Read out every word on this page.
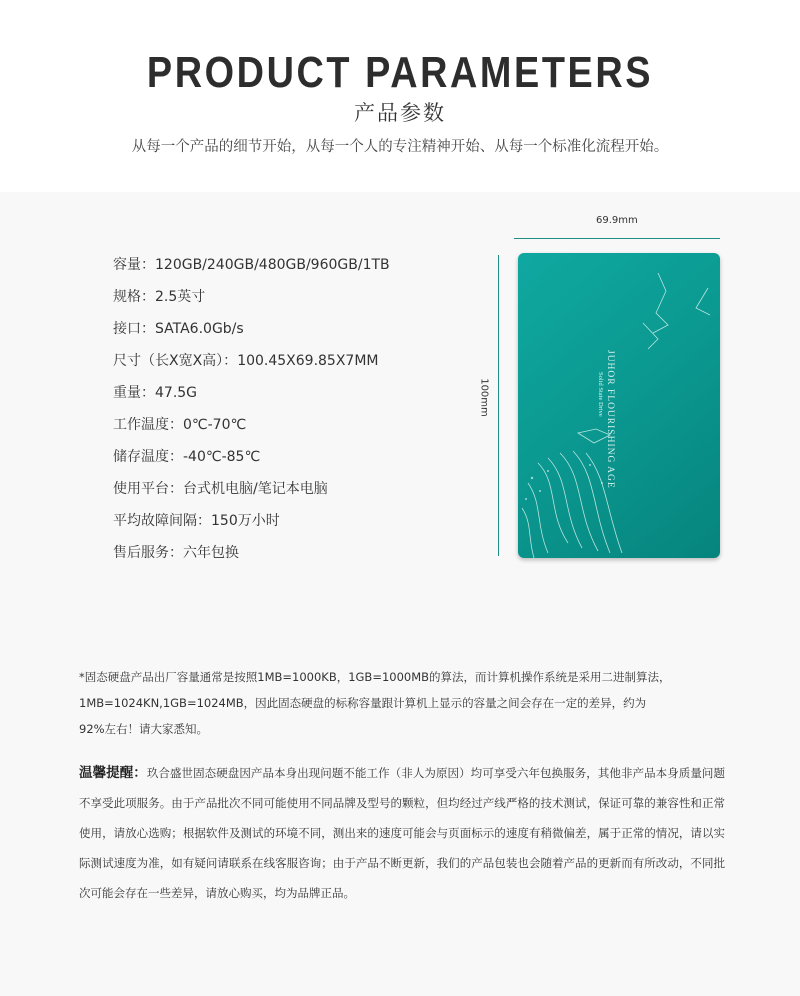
PRODUCT PARAMETERS
产品参数
从每一个产品的细节开始，从每一个人的专注精神开始、从每一个标准化流程开始。
容量： 120GB/240GB/480GB/960GB/1TB
规格： 2.5英寸
接口： SATA6.0Gb/s
尺寸（长X宽X高）： 100.45X69.85X7MM
重量： 47.5G
工作温度： 0℃-70℃
储存温度： -40℃-85℃
使用平台： 台式机电脑/笔记本电脑
平均故障间隔： 150万小时
售后服务： 六年包换
69.9mm
100mm	JUHOR FLOURISHING AGE
Solid State Drive
*固态硬盘产品出厂容量通常是按照1MB=1000KB，1GB=1000MB的算法，而计算机操作系统是采用二进制算法，
1MB=1024KN,1GB=1024MB，因此固态硬盘的标称容量跟计算机上显示的容量之间会存在一定的差异，约为
92%左右！请大家悉知。
温馨提醒：玖合盛世固态硬盘因产品本身出现问题不能工作（非人为原因）均可享受六年包换服务，其他非产品本身质量问题不享受此项服务。由于产品批次不同可能使用不同品牌及型号的颗粒，但均经过产线严格的技术测试，保证可靠的兼容性和正常使用，请放心选购；根据软件及测试的环境不同，测出来的速度可能会与页面标示的速度有稍微偏差，属于正常的情况，请以实际测试速度为准，如有疑问请联系在线客服咨询；由于产品不断更新，我们的产品包装也会随着产品的更新而有所改动，不同批次可能会存在一些差异，请放心购买，均为品牌正品。
